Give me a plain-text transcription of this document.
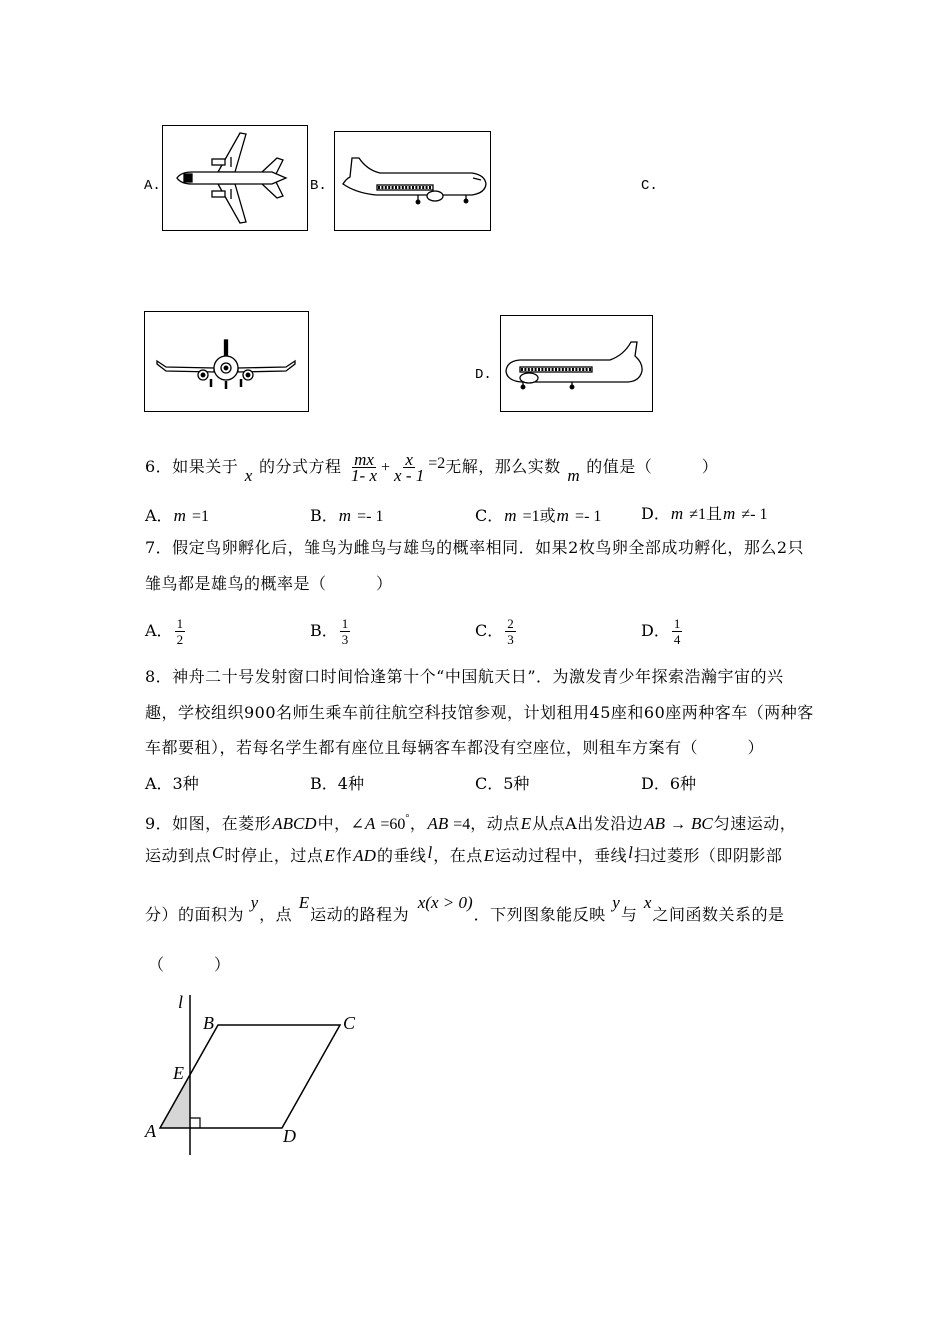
A.	B.	C.
D.
6．如果关于 x 的分式方程 $\frac{mx}{1- x} + \frac{x}{x - 1} =2$无解，那么实数 m 的值是（　　　）
A．m =1	B．m =- 1	C．m =1或m =- 1 D．m ≠1且m ≠- 1
7．假定鸟卵孵化后，雏鸟为雌鸟与雄鸟的概率相同．如果2枚鸟卵全部成功孵化，那么2只
雏鸟都是雄鸟的概率是（　　　）
A． $\frac{1}{2}$	B． $\frac{1}{3}$	C． $\frac{2}{3}$	D． $\frac{1}{4}$
8．神舟二十号发射窗口时间恰逢第十个“中国航天日”．为激发青少年探索浩瀚宇宙的兴
趣，学校组织900名师生乘车前往航空科技馆参观，计划租用45座和60座两种客车（两种客
车都要租），若每名学生都有座位且每辆客车都没有空座位，则租车方案有（　　　）
A．3种	B．4种	C．5种	D．6种
9．如图，在菱形ABCD中，∠A =60°，AB =4，动点E从点A出发沿边AB → BC匀速运动，
运动到点C时停止，过点E作AD的垂线l，在点E运动过程中，垂线l扫过菱形（即阴影部
分）的面积为 y，点 E运动的路程为 x(x > 0)．下列图象能反映 y与 x之间函数关系的是
（　　　）
l
B	C
E
A	D
